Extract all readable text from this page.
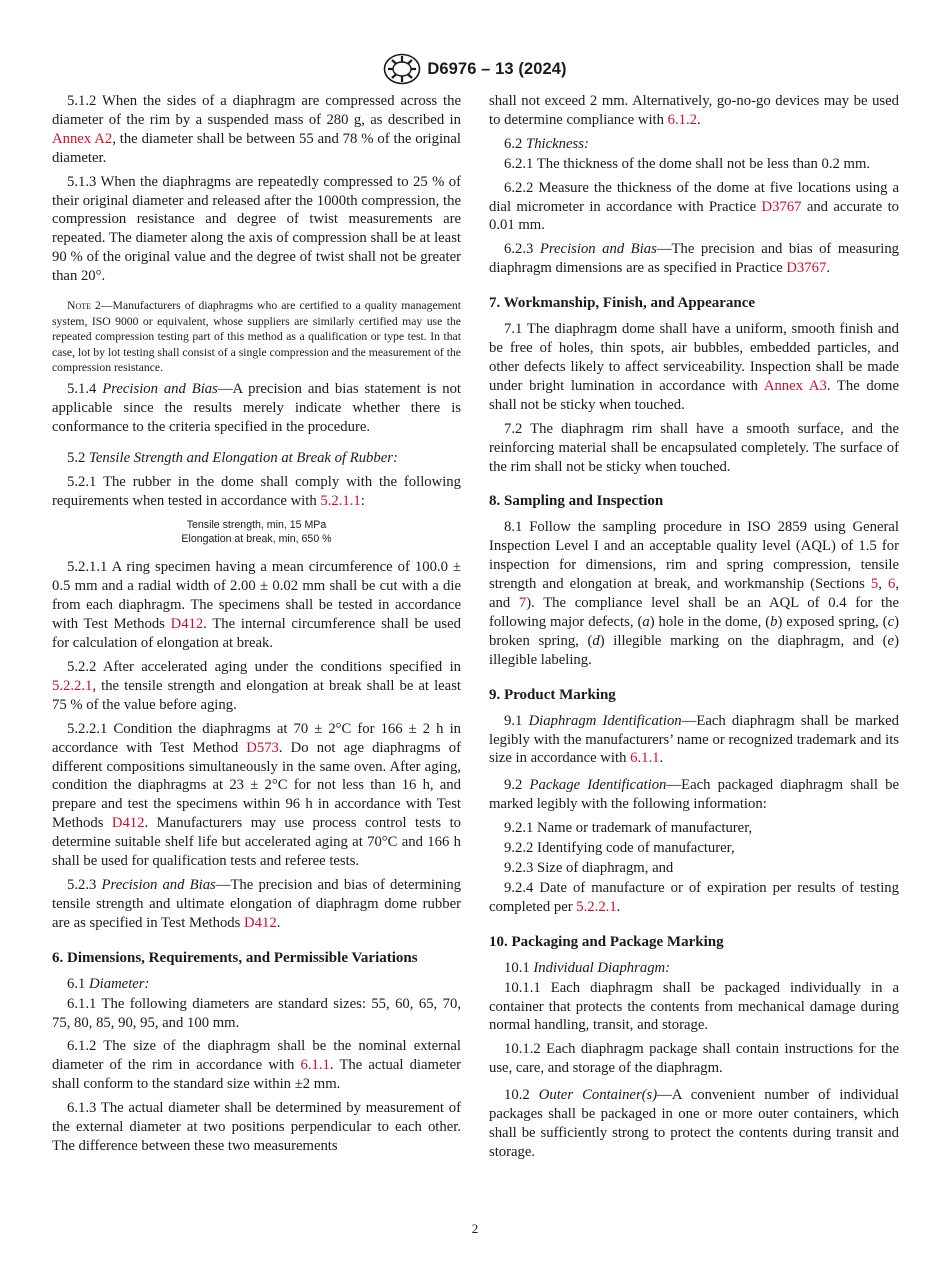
D6976 – 13 (2024)

5.1.2 When the sides of a diaphragm are compressed across the diameter of the rim by a suspended mass of 280 g, as described in Annex A2, the diameter shall be between 55 and 78 % of the original diameter.

5.1.3 When the diaphragms are repeatedly compressed to 25 % of their original diameter and released after the 1000th compression, the compression resistance and degree of twist measurements are repeated. The diameter along the axis of compression shall be at least 90 % of the original value and the degree of twist shall not be greater than 20°.

Note 2—Manufacturers of diaphragms who are certified to a quality management system, ISO 9000 or equivalent, whose suppliers are similarly certified may use the repeated compression testing part of this method as a qualification or type test. In that case, lot by lot testing shall consist of a single compression and the measurement of the compression resistance.

5.1.4 Precision and Bias—A precision and bias statement is not applicable since the results merely indicate whether there is conformance to the criteria specified in the procedure.

5.2 Tensile Strength and Elongation at Break of Rubber:

5.2.1 The rubber in the dome shall comply with the following requirements when tested in accordance with 5.2.1.1:

Tensile strength, min, 15 MPa
Elongation at break, min, 650 %

5.2.1.1 A ring specimen having a mean circumference of 100.0 ± 0.5 mm and a radial width of 2.00 ± 0.02 mm shall be cut with a die from each diaphragm. The specimens shall be tested in accordance with Test Methods D412. The internal circumference shall be used for calculation of elongation at break.

5.2.2 After accelerated aging under the conditions specified in 5.2.2.1, the tensile strength and elongation at break shall be at least 75 % of the value before aging.

5.2.2.1 Condition the diaphragms at 70 ± 2°C for 166 ± 2 h in accordance with Test Method D573. Do not age diaphragms of different compositions simultaneously in the same oven. After aging, condition the diaphragms at 23 ± 2°C for not less than 16 h, and prepare and test the specimens within 96 h in accordance with Test Methods D412. Manufacturers may use process control tests to determine suitable shelf life but accelerated aging at 70°C and 166 h shall be used for qualification tests and referee tests.

5.2.3 Precision and Bias—The precision and bias of determining tensile strength and ultimate elongation of diaphragm dome rubber are as specified in Test Methods D412.

6. Dimensions, Requirements, and Permissible Variations

6.1 Diameter:

6.1.1 The following diameters are standard sizes: 55, 60, 65, 70, 75, 80, 85, 90, 95, and 100 mm.

6.1.2 The size of the diaphragm shall be the nominal external diameter of the rim in accordance with 6.1.1. The actual diameter shall conform to the standard size within ±2 mm.

6.1.3 The actual diameter shall be determined by measurement of the external diameter at two positions perpendicular to each other. The difference between these two measurements

shall not exceed 2 mm. Alternatively, go-no-go devices may be used to determine compliance with 6.1.2.

6.2 Thickness:

6.2.1 The thickness of the dome shall not be less than 0.2 mm.

6.2.2 Measure the thickness of the dome at five locations using a dial micrometer in accordance with Practice D3767 and accurate to 0.01 mm.

6.2.3 Precision and Bias—The precision and bias of measuring diaphragm dimensions are as specified in Practice D3767.

7. Workmanship, Finish, and Appearance

7.1 The diaphragm dome shall have a uniform, smooth finish and be free of holes, thin spots, air bubbles, embedded particles, and other defects likely to affect serviceability. Inspection shall be made under bright lumination in accordance with Annex A3. The dome shall not be sticky when touched.

7.2 The diaphragm rim shall have a smooth surface, and the reinforcing material shall be encapsulated completely. The surface of the rim shall not be sticky when touched.

8. Sampling and Inspection

8.1 Follow the sampling procedure in ISO 2859 using General Inspection Level I and an acceptable quality level (AQL) of 1.5 for inspection for dimensions, rim and spring compression, tensile strength and elongation at break, and workmanship (Sections 5, 6, and 7). The compliance level shall be an AQL of 0.4 for the following major defects, (a) hole in the dome, (b) exposed spring, (c) broken spring, (d) illegible marking on the diaphragm, and (e) illegible labeling.

9. Product Marking

9.1 Diaphragm Identification—Each diaphragm shall be marked legibly with the manufacturers’ name or recognized trademark and its size in accordance with 6.1.1.

9.2 Package Identification—Each packaged diaphragm shall be marked legibly with the following information:

9.2.1 Name or trademark of manufacturer,

9.2.2 Identifying code of manufacturer,

9.2.3 Size of diaphragm, and

9.2.4 Date of manufacture or of expiration per results of testing completed per 5.2.2.1.

10. Packaging and Package Marking

10.1 Individual Diaphragm:

10.1.1 Each diaphragm shall be packaged individually in a container that protects the contents from mechanical damage during normal handling, transit, and storage.

10.1.2 Each diaphragm package shall contain instructions for the use, care, and storage of the diaphragm.

10.2 Outer Container(s)—A convenient number of individual packages shall be packaged in one or more outer containers, which shall be sufficiently strong to protect the contents during transit and storage.

2
